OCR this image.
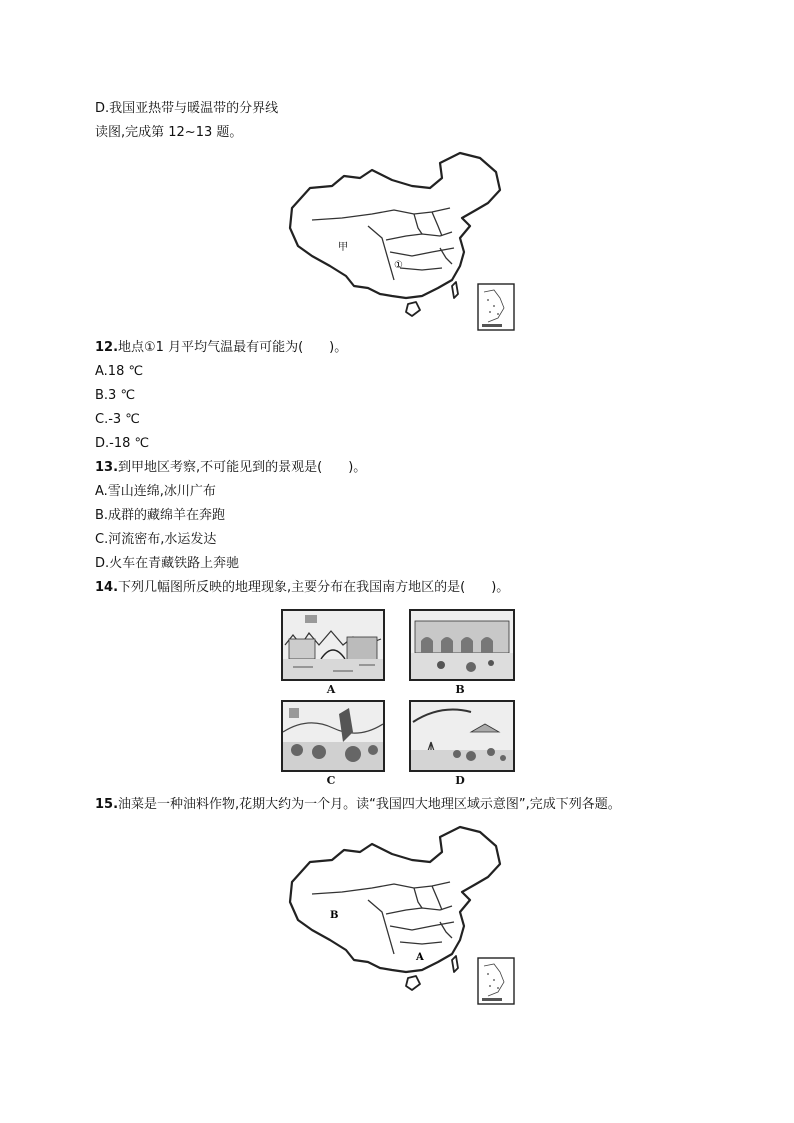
D.我国亚热带与暖温带的分界线
读图,完成第 12~13 题。
甲
①
12.地点①1 月平均气温最有可能为(　　)。
A.18 ℃
B.3 ℃
C.-3 ℃
D.-18 ℃
13.到甲地区考察,不可能见到的景观是(　　)。
A.雪山连绵,冰川广布
B.成群的藏绵羊在奔跑
C.河流密布,水运发达
D.火车在青藏铁路上奔驰
14.下列几幅图所反映的地理现象,主要分布在我国南方地区的是(　　)。
A	B
C	D
15.油菜是一种油料作物,花期大约为一个月。读“我国四大地理区域示意图”,完成下列各题。
B
A
